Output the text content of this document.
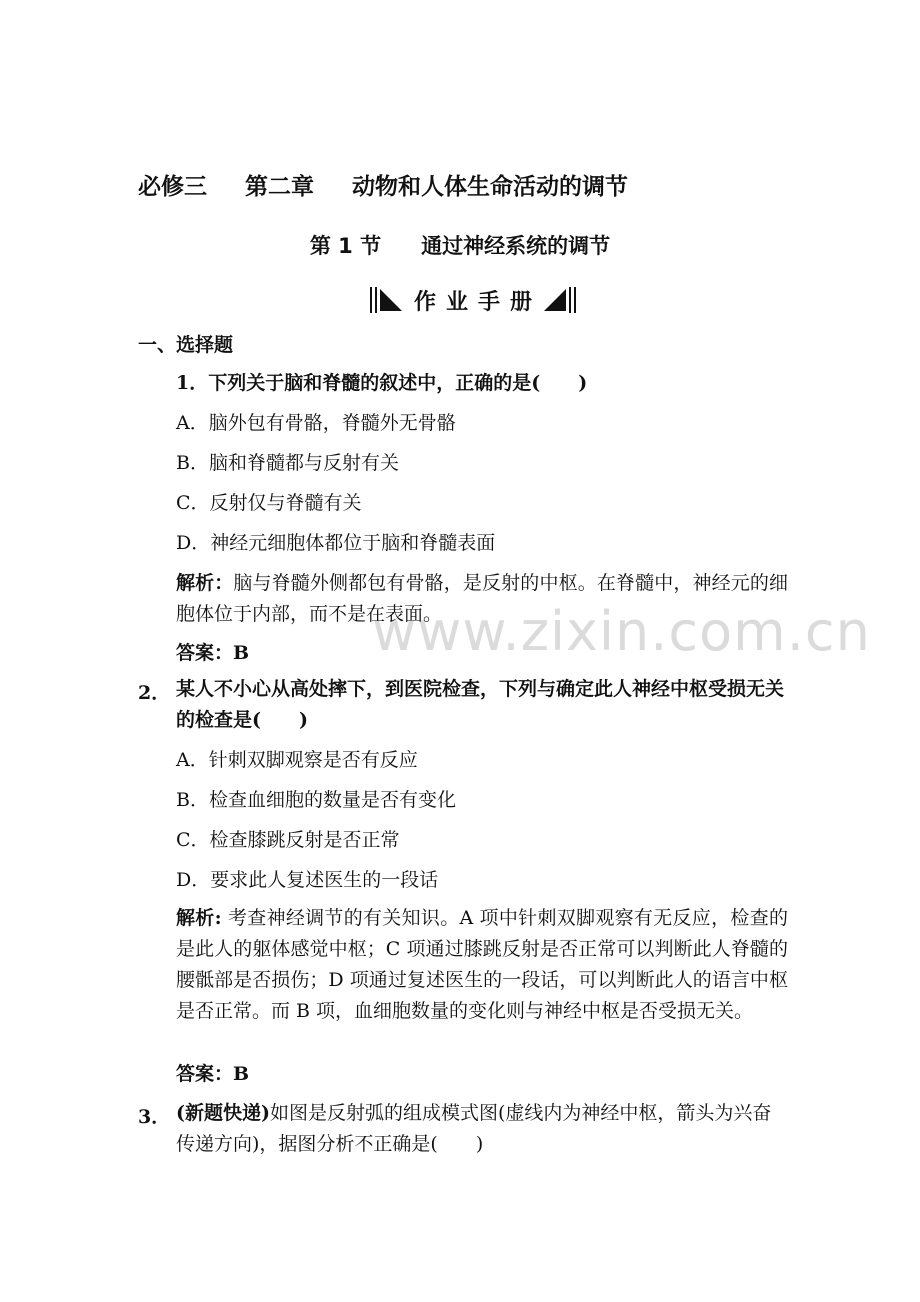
必修三 第二章 动物和人体生命活动的调节
第 1 节 通过神经系统的调节
作业手册
一、选择题
www.zixin.com.cn
1．下列关于脑和脊髓的叙述中，正确的是(　　)
A．脑外包有骨骼，脊髓外无骨骼
B．脑和脊髓都与反射有关
C．反射仅与脊髓有关
D．神经元细胞体都位于脑和脊髓表面
解析：脑与脊髓外侧都包有骨骼，是反射的中枢。在脊髓中，神经元的细胞体位于内部，而不是在表面。
答案：B
2． 某人不小心从高处摔下，到医院检查，下列与确定此人神经中枢受损无关的检查是(　　)
A．针刺双脚观察是否有反应
B．检查血细胞的数量是否有变化
C．检查膝跳反射是否正常
D．要求此人复述医生的一段话
解析: 考查神经调节的有关知识。A 项中针刺双脚观察有无反应，检查的是此人的躯体感觉中枢；C 项通过膝跳反射是否正常可以判断此人脊髓的腰骶部是否损伤；D 项通过复述医生的一段话，可以判断此人的语言中枢是否正常。而 B 项，血细胞数量的变化则与神经中枢是否受损无关。
答案：B
3． (新题快递)如图是反射弧的组成模式图(虚线内为神经中枢，箭头为兴奋传递方向)，据图分析不正确是(　　)
